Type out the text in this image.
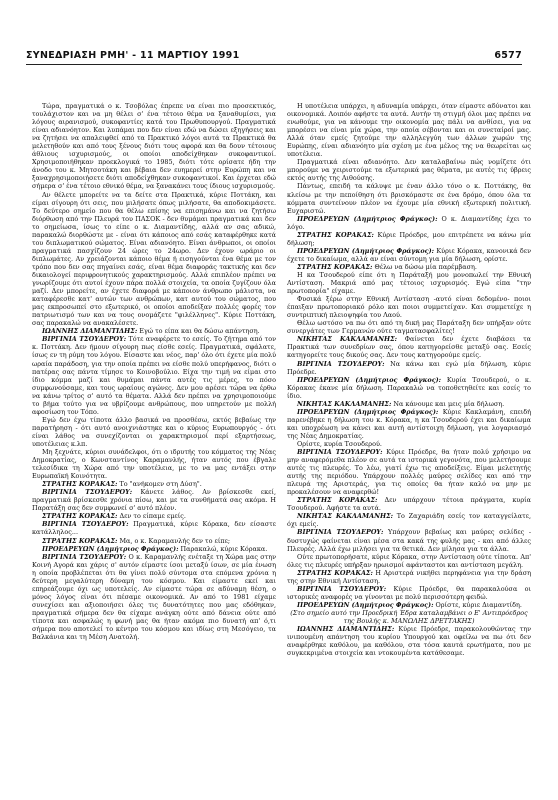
ΣΥΝΕΔΡΙΑΣΗ ΡΜΗ' - 11 ΜΑΡΤΙΟΥ 1991	6577

Τώρα, πραγματικά ο κ. Τσοβόλας έπρεπε να είναι πιο προσεκτικός, τουλάχιστον και να μη θέλει σ' ένα τέτοιο θέμα να ξαναθυμίσει, για λόγους αιρανισμού, συκοφαντίες κατά του Πρωθυπουργού. Πραγματικά είναι αδιανόητον. Και λυπάμαι που δεν είναι εδώ να δώσει εξηγήσεις και να ζητήσει να απαλειφθεί από τα Πρακτικό λόγοι αυτά τα Πρακτικά θα μελετηθούν και από τους ξένους διότι τους αφορά και θα δουν τέτοιους άθλιους ισχυρισμούς, οι οποίοι αποδείχθηκαν συκοφαντικοί. Χρησιμοποιήθηκαν προεκλογικά το 1985, διότι τότε ορίσατε ήδη την άνοδο του κ. Μητσοτάκη και βέβαια δεν ευημερεί στην Ευρώπη και να ξαναχρησιμοποιήσετε διότι αποδείχθηκαν συκοφαντικοί. Και έρχεται εδώ σήμερα σ' ένα τέτοιο εθνικό θέμα, να ξανακάνει τους ίδιους ισχυρισμούς.

Αν θέλετε μπορείτε να τα δείτε στα Πρακτικά, κύριε Ποττάκη, και είμαι σίγουρη ότι σεις, που μιλήσατε όπως μιλήσατε, θα αποδοκιμάσετε. Το δεύτερο σημείο που θα θέλω επίσης να επισημάνω και να ζητήσω διόρθωση από την Πλευρά του ΠΑΣΟΚ - δεν θυμάμαι πραγματικά και δεν το σημείωσα, ίσως το είπε ο κ. Διαμαντίδης, αλλά αν σας αδικώ, παρακαλώ διορθώστε με - είναι ότι κάποιος από εσάς καταφέρθηκε κατά του διπλωματικού σώματος. Είναι αδιανόητο. Είναι άνθρωποι, οι οποίοι πραγματικά πασχίζουν 24 ώρες το 24ωρο. Δεν έχουν ωράριο οι διπλωμάτες. Αν χρειάζονται κάποιο θέμα ή εισηγούνται ένα θέμα με τον τρόπο που δεν σας πηγαίνει εσάς, είναι θέμα διαφοράς τακτικής και δεν δικαιολογεί περιφρονητικούς χαρακτηρισμούς. Αλλά επιπλέον πρέπει να γνωρίζουμε ότι αυτοί έχουν πάρα πολλά στοιχεία, τα οποία ζυγίζουν όλα μαζί. Δεν μπορείτε, αν έχετε διαφορά με κάποιον άνθρωπο μάλιστα, να καταφέρεσθε κατ' αυτών των ανθρώπων, κατ αυτού του σώματος, που μας εκπροσωπεί στο εξωτερικό, οι οποίοι αποδείξαν πολλές φορές τον πατριωτισμό των και να τους ονομάζετε "φιλέλληνες". Κύριε Ποττάκη, σας παρακαλώ να ανακαλέσετε.

ΙΩΑΝΝΗΣ ΔΙΑΜΑΝΤΙΔΗΣ: Εγώ το είπα και θα δώσω απάντηση.

ΒΙΡΓΙΝΙΑ ΤΣΟΥΔΕΡΟΥ: Τότε αναφέρετε το εσείς. Το ζήτημα από τον κ. Ποττάκη. Δεν ήμουν σίγουρη πως είσθε εσείς. Πραγματικά, σφάλατε, ίσως εν τη ρύμη του λόγου. Είσαστε και νέος, παρ' όλο ότι έχετε μία πολύ ωραία παράδοση, για την οποία πρέπει να είσθε πολύ υπερήφανος, διότι ο πατέρας σας πάντα τίμησε το Κοινοβούλιο. Είχα την τιμή να είμαι στο ίδιο κόμμα μαζί και θυμάμαι πάντα αυτές τις μέρες, το πόσο συμφωνούσαμε, και τους ωραίους αγώνες. Δεν μου αρέσει τώρα να έρθω να κάνω τρίτος σ' αυτό τα θέματα. Αλλά δεν πρέπει να χρησιμοποιούμε το βήμα τούτο για να υβρίζουμε ανθρώπους, που υπηρετούν με πολλή αφοσίωση τον Τόπο.

Εγώ δεν έχω τίποτα άλλο βασικά να προσθέσω, εκτός βεβαίως την παρατήρηση - ότι αυτό ανοιχνιάστηκε και ο κύριος Ευρωπουργός - ότι είναι λάθος να συνεχίζονται οι χαρακτηρισμοί περί εξαρτήσεως, υποτέλειας κ.λπ.

Μη ξεχνάτε, κύριοι συνάδελφοι, ότι ο ιδρυτής του κόμματος της Νέας Δημοκρατίας, ο Κωνσταντίνος Καραμανλής, ήταν αυτός που έβγαλε τελεσίδικα τη Χώρα από την υποτέλεια, με το να μας εντάξει στην Ευρωπαϊκή Κοινότητα.

ΣΤΡΑΤΗΣ ΚΟΡΑΚΑΣ: Το "ανήκομεν στη Δύση".

ΒΙΡΓΙΝΙΑ ΤΣΟΥΔΕΡΟΥ: Κάνετε λάθος. Αν βρίσκεσθε εκεί, πραγματικά βρίσκεσθε χρόνια πίσω, και με τα συνθήματά σας ακόμα. Η Παρατάξη σας δεν συμφωνεί σ' αυτό πλέον.

ΣΤΡΑΤΗΣ ΚΟΡΑΚΑΣ: Δεν το είπαμε εμείς.

ΒΙΡΓΙΝΙΑ ΤΣΟΥΔΕΡΟΥ: Πραγματικά, κύριε Κόρακα, δεν είσαστε κατάλληλος...

ΣΤΡΑΤΗΣ ΚΟΡΑΚΑΣ: Μα, ο κ. Καραμανλής δεν το είπε;

ΠΡΟΕΔΡΕΥΩΝ (Δημήτριος Φράγκος): Παρακαλώ, κύριε Κόρακα.

ΒΙΡΓΙΝΙΑ ΤΣΟΥΔΕΡΟΥ: Ο κ. Καραμανλής ενέταξε τη Χώρα μας στην Κοινή Αγορά και χάρις σ' αυτόν είμαστε ίσοι μεταξύ ίσων, σε μία ένωση η οποία προβλέπεται ότι θα γίνει πολύ σύντομα στα επόμενα χρόνια η δεύτερη μεγαλύτερη δύναμη του κόσμου. Και είμαστε εκεί και επηρεάζουμε όχι ως υποτελείς. Αν είμαστε τώρα σε αδύναμη θέση, ο μόνος λόγος είναι ότι πέσαμε οικονομικά. Αν από το 1981 είχαμε συνεχίσει και αξιοποιήσει όλες τις δυνατότητες που μας εδόθηκαν, πραγματικά σήμερα δεν θα είχαμε ανάγκη ούτε από δάνεια ούτε από τίποτα και ασφαλώς η φωνή μας θα ήταν ακόμα πιο δυνατή απ' ό,τι σήμερα που αποτελεί το κέντρο του κόσμου και ιδίως στη Μεσόγειο, τα Βαλκάνια και τη Μέση Ανατολή.

Η υποτέλεια υπάρχει, η αδυναμία υπάρχει, όταν είμαστε αδύνατοι και οικονομικά. Λοιπόν αφήστε τα αυτά. Αυτήν τη στιγμή όλοι μας πρέπει να ενωθούμε, για να κάνουμε την οικονομία μας πάλι να ανθίσει, για να μπορέσει να είναι μία χώρα, την οποία σέβονται και οι συνεταίροί μας. Αλλά όταν εμείς ζητούμε την αλληλεγγύη των άλλων χωρών της Ευρώπης, είναι αδιανόητο μία σχέση με ένα μέλος της να θεωρείται ως υποτέλεια.

Πραγματικά είναι αδιανόητο. Δεν καταλαβαίνω πώς νομίζετε ότι μπορούμε να χειριστούμε τα εξωτερικά μας θέματα, με αυτές τις ύβρεις εκτός αυτής της Αιθούσης.

Πάντως, επειδή τα κάλυψε με έναν άλλο τόνο ο κ. Ποττάκης, θα κλείσω με την πεποίθηση ότι βρισκόμαστε σε ένα δρόμο, όπου όλα τα κόμματα συντείνουν πλέον να έχουμε μία εθνική εξωτερική πολιτική. Ευχαριστώ.

ΠΡΟΕΔΡΕΥΩΝ (Δημήτριος Φράγκος): Ο κ. Διαμαντίδης έχει το λόγο.

ΣΤΡΑΤΗΣ ΚΟΡΑΚΑΣ: Κύριε Πρόεδρε, μου επιτρέπετε να κάνω μία δήλωση;

ΠΡΟΕΔΡΕΥΩΝ (Δημήτριος Φράγκος): Κύριε Κόρακα, κανονικά δεν έχετε το δικαίωμα, αλλά αν είναι σύντομη για μία δήλωση, ορίστε.

ΣΤΡΑΤΗΣ ΚΟΡΑΚΑΣ: Θέλω να δώσω μία παρέμβαση.

Η κα Τσουδερού είπε ότι η Παράταξή μου μονοπωλεί την Εθνική Αντίσταση. Μακριά από μας τέτοιος ισχυρισμός. Εγώ είπα "την πρωτοπορία" είχαμε.

Φυσικά ξέρω στην Εθνική Αντίσταση -αυτό είναι δεδομένο- ποιοι έπαιξαν πρωτοποριακό ρόλο και ποιοι συμμετείχαν. Και συμμετείχε η συντριπτική πλειοψηφία του Λαού.

Θέλω ωστόσο να πω ότι από τη δική μας Παράταξη δεν υπήρξαν ούτε συνεργάτες των Γερμανών ούτε ταγματασφαλίτες!

ΝΙΚΗΤΑΣ ΚΑΚΛΑΜΑΝΗΣ: Φαίνεται δεν έχετε διαβάσει τα Πρακτικά των συνεδρίων σας, όπου κατηγορείσθε μεταξύ σας. Εσείς κατηγορείτε τους δικούς σας. Δεν τους κατηγορούμε εμείς.

ΒΙΡΓΙΝΙΑ ΤΣΟΥΔΕΡΟΥ: Να κάνω και εγώ μία δήλωση, κύριε Πρόεδρε.

ΠΡΟΕΔΡΕΥΩΝ (Δημήτριος Φράγκος): Κυρία Τσουδερού, ο κ. Κόρακας έκανε μία δήλωση. Παρακαλώ να τοποθετηθείτε και εσείς το ίδιο.

ΝΙΚΗΤΑΣ ΚΑΚΛΑΜΑΝΗΣ: Να κάνουμε και μεις μία δήλωση.

ΠΡΟΕΔΡΕΥΩΝ (Δημήτριος Φράγκος): Κύριε Κακλαμάνη, επειδή παρενέβηκε η δήλωση του κ. Κόρακα, η κα Τσουδερού έχει και δικαίωμα και υποχρέωση να κάνει και αυτή αντίστοιχη δήλωση, για λογαριασμό της Νέας Δημοκρατίας.

Ορίστε, κυρία Τσουδερού.

ΒΙΡΓΙΝΙΑ ΤΣΟΥΔΕΡΟΥ: Κύριε Πρόεδρε, θα ήταν πολύ χρήσιμο να μην αναφερόμεθα πλέον σε αυτά τα ιστορικά γεγονότα, που μελετήσουμε αυτές τις πλευρές. Το λέω, γιατί έχω τις αποδείξεις. Είμαι μελετητής αυτής της περιόδου. Υπάρχουν πολλές μαύρες σελίδες και από την πλευρά της Αριστεράς, για τις οποίες θα ήταν καλό να μην με προκαλέσουν να αναφερθώ!

ΣΤΡΑΤΗΣ ΚΟΡΑΚΑΣ: Δεν υπάρχουν τέτοια πράγματα, κυρία Τσουδερού. Αφήστε τα αυτά.

ΝΙΚΗΤΑΣ ΚΑΚΛΑΜΑΝΗΣ: Το Ζαχαριάδη εσείς τον καταγγείλατε, όχι εμείς.

ΒΙΡΓΙΝΙΑ ΤΣΟΥΔΕΡΟΥ: Υπάρχουν βεβαίως και μαύρες σελίδες - δυστυχώς φαίνεται είναι μέσα στα κακά της φυλής μας - και από άλλες Πλευρές. Αλλά έχω μιλήσει για τα θετικά. Δεν μίλησα για τα άλλα.

Ούτε πρωτοπορήσατε, κύριε Κόρακα, στην Αντίσταση ούτε τίποτα. Απ' όλες τις πλευρές υπήρξαν ηρωισμοί αφάνταστοι και αντίσταση μεγάλη.

ΣΤΡΑΤΗΣ ΚΟΡΑΚΑΣ: Η Αριστερά νικήθει περηφάνεια για την δράση της στην Εθνική Αντίσταση.

ΒΙΡΓΙΝΙΑ ΤΣΟΥΔΕΡΟΥ: Κύριε Πρόεδρε, θα παρακαλούσα οι ιστορικές αναφορές να γίνονται με πολύ περισσότερη φειδώ.

ΠΡΟΕΔΡΕΥΩΝ (Δημήτριος Φράγκος): Ορίστε, κύριε Διαμαντίδη.

(Στο σημείο αυτό την Προεδρική Έδρα καταλαμβάνει ο Ε' Αντιπρόεδρος της Βουλής κ. ΜΑΝΩΛΗΣ ΔΡΕΤΤΑΚΗΣ)

ΙΩΑΝΝΗΣ ΔΙΑΜΑΝΤΙΔΗΣ: Κύριε Πρόεδρε, παρακολουθώντας την ινιπουμένη απάντηση του κυρίου Υπουργού και οφείλω να πω ότι δεν αναφέρθηκε καθόλου, μα καθόλου, στα τόσα καυτά ερωτήματα, που με συγκεκριμένα στοιχεία και ντοκουμέντα κατάθεσαμε.
